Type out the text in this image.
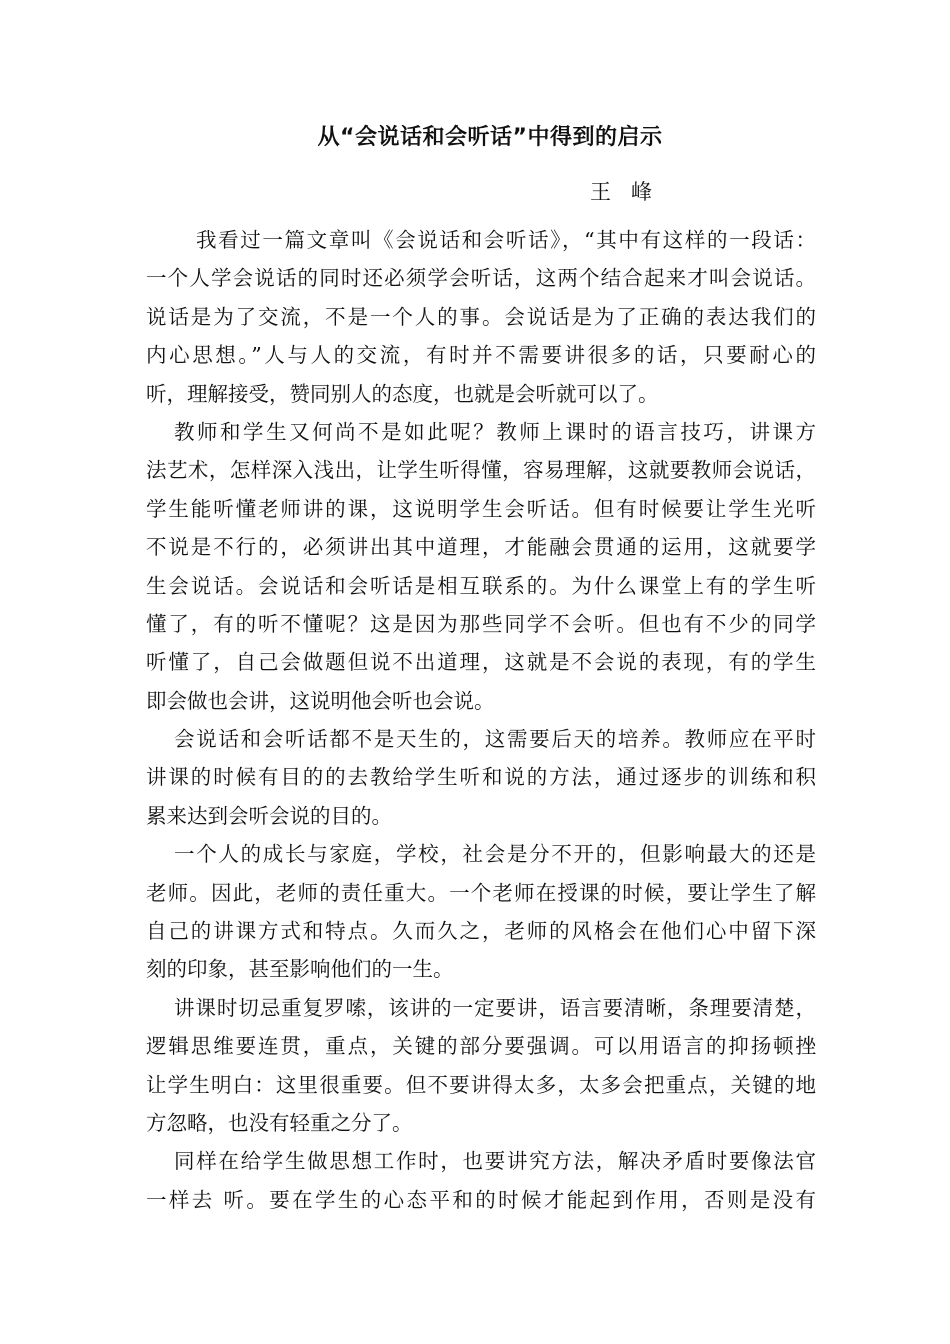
从“会说话和会听话”中得到的启示
王峰
我看过一篇文章叫《会说话和会听话》，“其中有这样的一段话：
一个人学会说话的同时还必须学会听话，这两个结合起来才叫会说话。
说话是为了交流，不是一个人的事。会说话是为了正确的表达我们的
内心思想。”人与人的交流，有时并不需要讲很多的话，只要耐心的
听，理解接受，赞同别人的态度，也就是会听就可以了。
教师和学生又何尚不是如此呢？教师上课时的语言技巧，讲课方
法艺术，怎样深入浅出，让学生听得懂，容易理解，这就要教师会说话，
学生能听懂老师讲的课，这说明学生会听话。但有时候要让学生光听
不说是不行的，必须讲出其中道理，才能融会贯通的运用，这就要学
生会说话。会说话和会听话是相互联系的。为什么课堂上有的学生听
懂了，有的听不懂呢？这是因为那些同学不会听。但也有不少的同学
听懂了，自己会做题但说不出道理，这就是不会说的表现，有的学生
即会做也会讲，这说明他会听也会说。
会说话和会听话都不是天生的，这需要后天的培养。教师应在平时
讲课的时候有目的的去教给学生听和说的方法，通过逐步的训练和积
累来达到会听会说的目的。
一个人的成长与家庭，学校，社会是分不开的，但影响最大的还是
老师。因此，老师的责任重大。一个老师在授课的时候，要让学生了解
自己的讲课方式和特点。久而久之，老师的风格会在他们心中留下深
刻的印象，甚至影响他们的一生。
讲课时切忌重复罗嗦，该讲的一定要讲，语言要清晰，条理要清楚，
逻辑思维要连贯，重点，关键的部分要强调。可以用语言的抑扬顿挫
让学生明白：这里很重要。但不要讲得太多，太多会把重点，关键的地
方忽略，也没有轻重之分了。
同样在给学生做思想工作时，也要讲究方法，解决矛盾时要像法官
一样去 听。要在学生的心态平和的时候才能起到作用，否则是没有
